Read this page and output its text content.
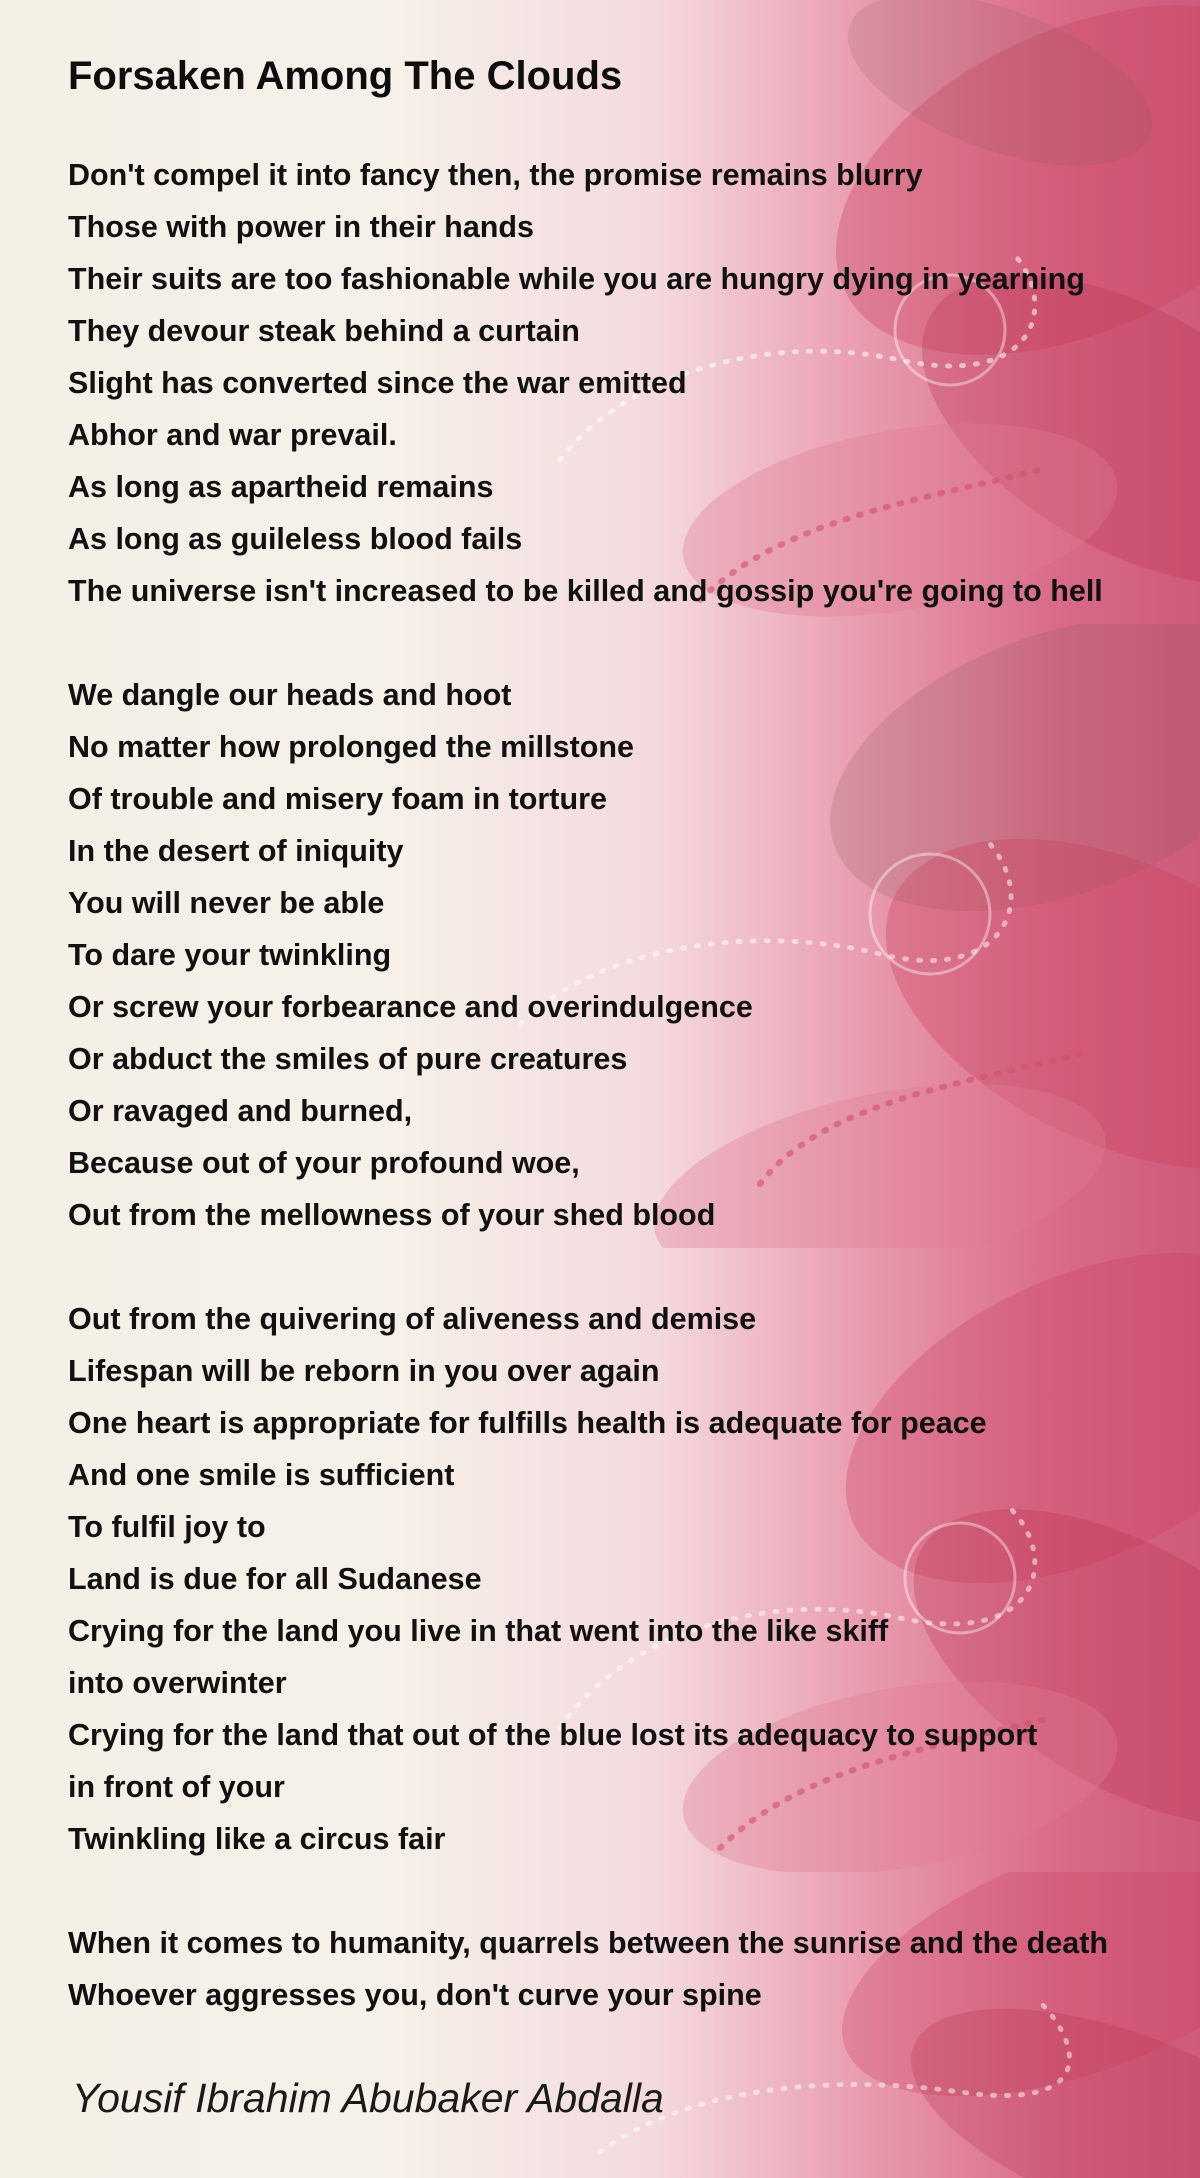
Forsaken Among The Clouds
Don't compel it into fancy then, the promise remains blurry
Those with power in their hands
Their suits are too fashionable while you are hungry dying in yearning
They devour steak behind a curtain
Slight has converted since the war emitted
Abhor and war prevail.
As long as apartheid remains
As long as guileless blood fails
The universe isn't increased to be killed and gossip you're going to hell
We dangle our heads and hoot
No matter how prolonged the millstone
Of trouble and misery foam in torture
In the desert of iniquity
You will never be able
To dare your twinkling
Or screw your forbearance and overindulgence
Or abduct the smiles of pure creatures
Or ravaged and burned,
Because out of your profound woe,
Out from the mellowness of your shed blood
Out from the quivering of aliveness and demise
Lifespan will be reborn in you over again
One heart is appropriate for fulfills health is adequate for peace
And one smile is sufficient
To fulfil joy to
Land is due for all Sudanese
Crying for the land you live in that went into the like skiff
into overwinter
Crying for the land that out of the blue lost its adequacy to support
in front of your
Twinkling like a circus fair
When it comes to humanity, quarrels between the sunrise and the death
Whoever aggresses you, don't curve your spine
Yousif Ibrahim Abubaker Abdalla
